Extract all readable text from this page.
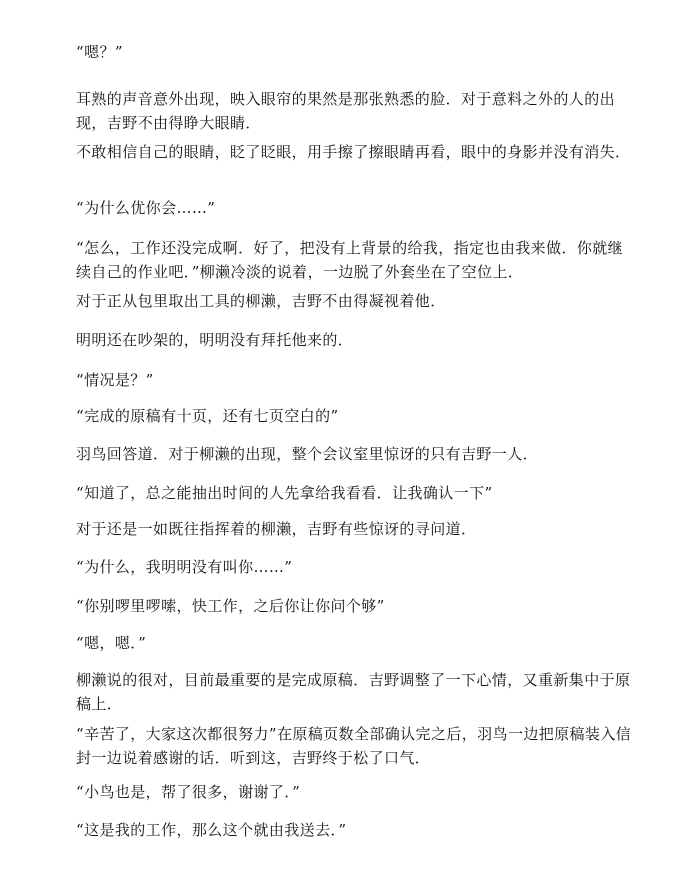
“嗯？”

耳熟的声音意外出现，映入眼帘的果然是那张熟悉的脸．对于意料之外的人的出现，吉野不由得睁大眼睛．

不敢相信自己的眼睛，眨了眨眼，用手擦了擦眼睛再看，眼中的身影并没有消失．

“为什么优你会……”

“怎么，工作还没完成啊．好了，把没有上背景的给我，指定也由我来做．你就继续自己的作业吧．”柳濑冷淡的说着，一边脱了外套坐在了空位上．

对于正从包里取出工具的柳濑，吉野不由得凝视着他．

明明还在吵架的，明明没有拜托他来的．

“情况是？”

“完成的原稿有十页，还有七页空白的”

羽鸟回答道．对于柳濑的出现，整个会议室里惊讶的只有吉野一人．

“知道了，总之能抽出时间的人先拿给我看看．让我确认一下”

对于还是一如既往指挥着的柳濑，吉野有些惊讶的寻问道．

“为什么，我明明没有叫你……”

“你别啰里啰嗦，快工作，之后你让你问个够”

“嗯，嗯．”

柳濑说的很对，目前最重要的是完成原稿．吉野调整了一下心情，又重新集中于原稿上．

“辛苦了，大家这次都很努力”在原稿页数全部确认完之后，羽鸟一边把原稿装入信封一边说着感谢的话．听到这，吉野终于松了口气．

“小鸟也是，帮了很多，谢谢了．”

“这是我的工作，那么这个就由我送去．”
